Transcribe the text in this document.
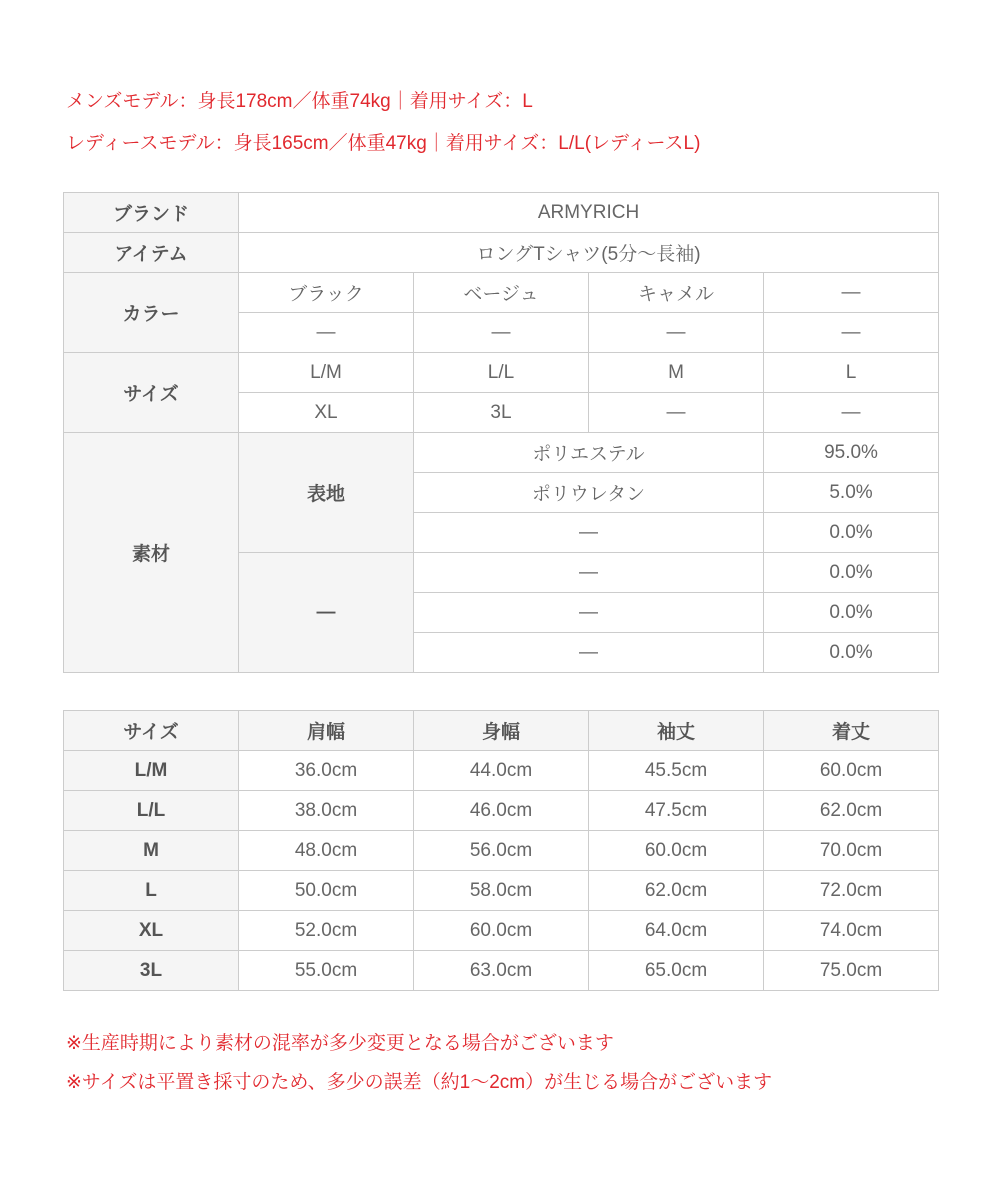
メンズモデル：身長178cm／体重74kg｜着用サイズ：L

レディースモデル：身長165cm／体重47kg｜着用サイズ：L/L(レディースL)

ブランド	ARMYRICH			
アイテム	ロングTシャツ(5分〜長袖)			
カラー	ブラック	ベージュ	キャメル	—
	—	—	—	—
サイズ	L/M	L/L	M	L
	XL	3L	—	—
素材	表地	ポリエステル		95.0%
		ポリウレタン		5.0%
		—		0.0%
	—	—		0.0%
		—		0.0%
		—		0.0%
サイズ	肩幅	身幅	袖丈	着丈
L/M	36.0cm	44.0cm	45.5cm	60.0cm
L/L	38.0cm	46.0cm	47.5cm	62.0cm
M	48.0cm	56.0cm	60.0cm	70.0cm
L	50.0cm	58.0cm	62.0cm	72.0cm
XL	52.0cm	60.0cm	64.0cm	74.0cm
3L	55.0cm	63.0cm	65.0cm	75.0cm

※生産時期により素材の混率が多少変更となる場合がございます

※サイズは平置き採寸のため、多少の誤差（約1〜2cm）が生じる場合がございます
